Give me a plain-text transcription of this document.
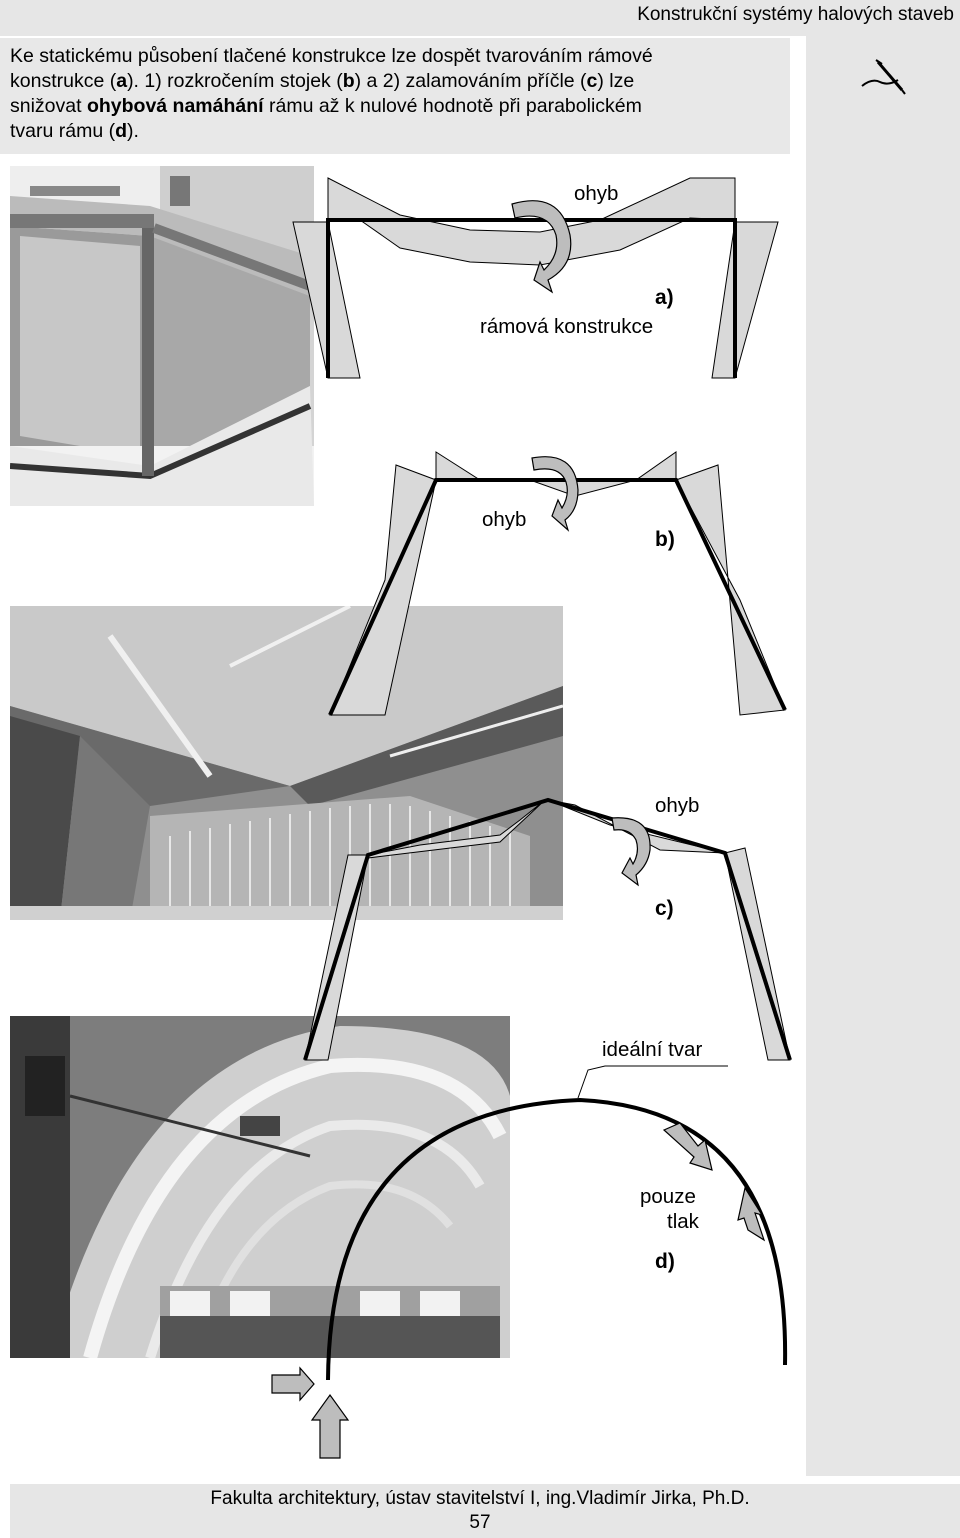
Konstrukční systémy halových staveb
Ke statickému působení tlačené konstrukce lze dospět tvarováním rámové
konstrukce (a). 1) rozkročením stojek (b) a 2) zalamováním příčle (c) lze
snižovat ohybová namáhání rámu až k nulové hodnotě při parabolickém
tvaru rámu (d).
ohyb
a)
rámová konstrukce
ohyb
b)
ohyb
c)
ideální tvar
pouze
tlak
d)
Fakulta architektury, ústav stavitelství I, ing.Vladimír Jirka, Ph.D.
57
